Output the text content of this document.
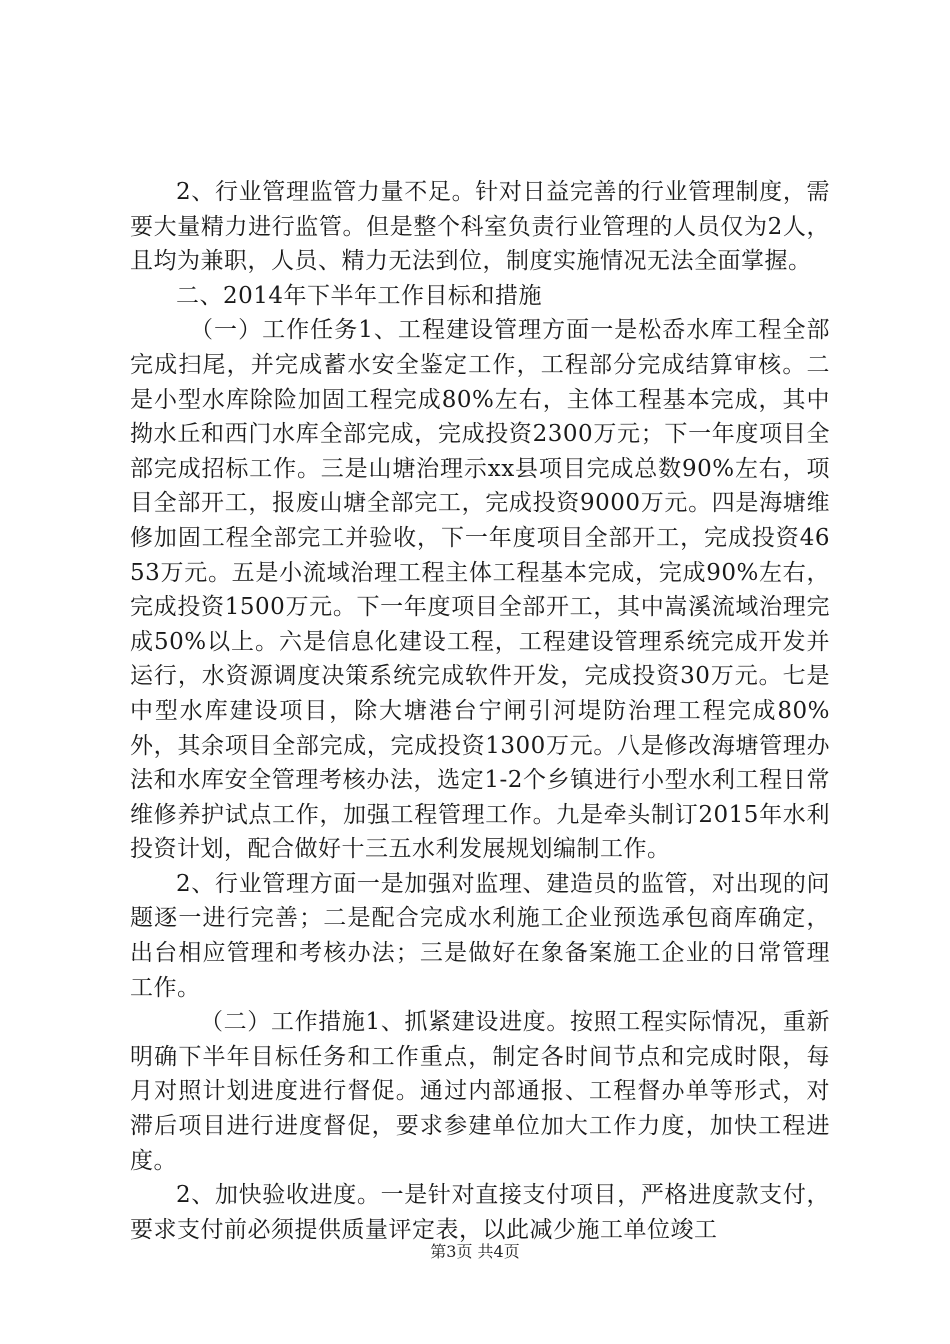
2、行业管理监管力量不足。针对日益完善的行业管理制度，需要大量精力进行监管。但是整个科室负责行业管理的人员仅为2人，且均为兼职，人员、精力无法到位，制度实施情况无法全面掌握。

二、2014年下半年工作目标和措施

（一）工作任务1、工程建设管理方面一是松岙水库工程全部完成扫尾，并完成蓄水安全鉴定工作，工程部分完成结算审核。二是小型水库除险加固工程完成80%左右，主体工程基本完成，其中拗水丘和西门水库全部完成，完成投资2300万元；下一年度项目全部完成招标工作。三是山塘治理示xx县项目完成总数90%左右，项目全部开工，报废山塘全部完工，完成投资9000万元。四是海塘维修加固工程全部完工并验收，下一年度项目全部开工，完成投资4653万元。五是小流域治理工程主体工程基本完成，完成90%左右，完成投资1500万元。下一年度项目全部开工，其中嵩溪流域治理完成50%以上。六是信息化建设工程，工程建设管理系统完成开发并运行，水资源调度决策系统完成软件开发，完成投资30万元。七是中型水库建设项目，除大塘港台宁闸引河堤防治理工程完成80%外，其余项目全部完成，完成投资1300万元。八是修改海塘管理办法和水库安全管理考核办法，选定1-2个乡镇进行小型水利工程日常维修养护试点工作，加强工程管理工作。九是牵头制订2015年水利投资计划，配合做好十三五水利发展规划编制工作。

2、行业管理方面一是加强对监理、建造员的监管，对出现的问题逐一进行完善；二是配合完成水利施工企业预选承包商库确定，出台相应管理和考核办法；三是做好在象备案施工企业的日常管理工作。

（二）工作措施1、抓紧建设进度。按照工程实际情况，重新明确下半年目标任务和工作重点，制定各时间节点和完成时限，每月对照计划进度进行督促。通过内部通报、工程督办单等形式，对滞后项目进行进度督促，要求参建单位加大工作力度，加快工程进度。

2、加快验收进度。一是针对直接支付项目，严格进度款支付，要求支付前必须提供质量评定表，以此减少施工单位竣工

第3页 共4页
